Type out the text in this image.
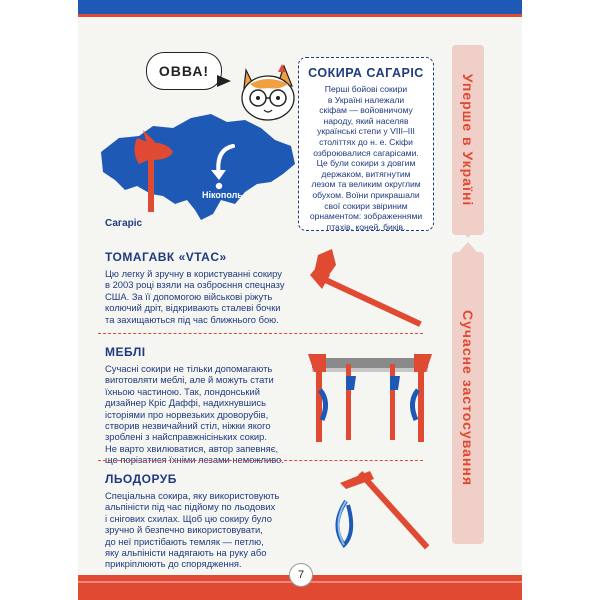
Нікополь
Сагаріс
ОВВА!	СОКИРА САГАРІС
Перші бойові сокири
в Україні належали
скіфам — войовничому
народу, який населяв
українські степи у VIII–III
століттях до н. е. Скіфи
озброювалися сагарісами.
Це були сокири з довгим
держаком, витягнутим
лезом та великим округлим
обухом. Воїни прикрашали
свої сокири звіриним
орнаментом: зображеннями
птахів, коней, биків.
Уперше в Україні
Сучасне застосування
ТОМАГАВК «VTAC»
Цю легку й зручну в користуванні сокиру
в 2003 році взяли на озброєння спецназу
США. За її допомогою військові ріжуть
колючий дріт, відкривають сталеві бочки
та захищаються під час ближнього бою.
МЕБЛІ
Сучасні сокири не тільки допомагають
виготовляти меблі, але й можуть стати
їхньою частиною. Так, лондонський
дизайнер Кріс Даффі, надихнувшись
історіями про норвезьких дроворубів,
створив незвичайний стіл, ніжки якого
зроблені з найсправжнісіньких сокир.
Не варто хвилюватися, автор запевняє,
що порізатися їхніми лезами неможливо.
ЛЬОДОРУБ
Спеціальна сокира, яку використовують
альпіністи під час підйому по льодових
і снігових схилах. Щоб цю сокиру було
зручно й безпечно використовувати,
до неї пристібають темляк — петлю,
яку альпіністи надягають на руку або
прикріплюють до спорядження.
7
